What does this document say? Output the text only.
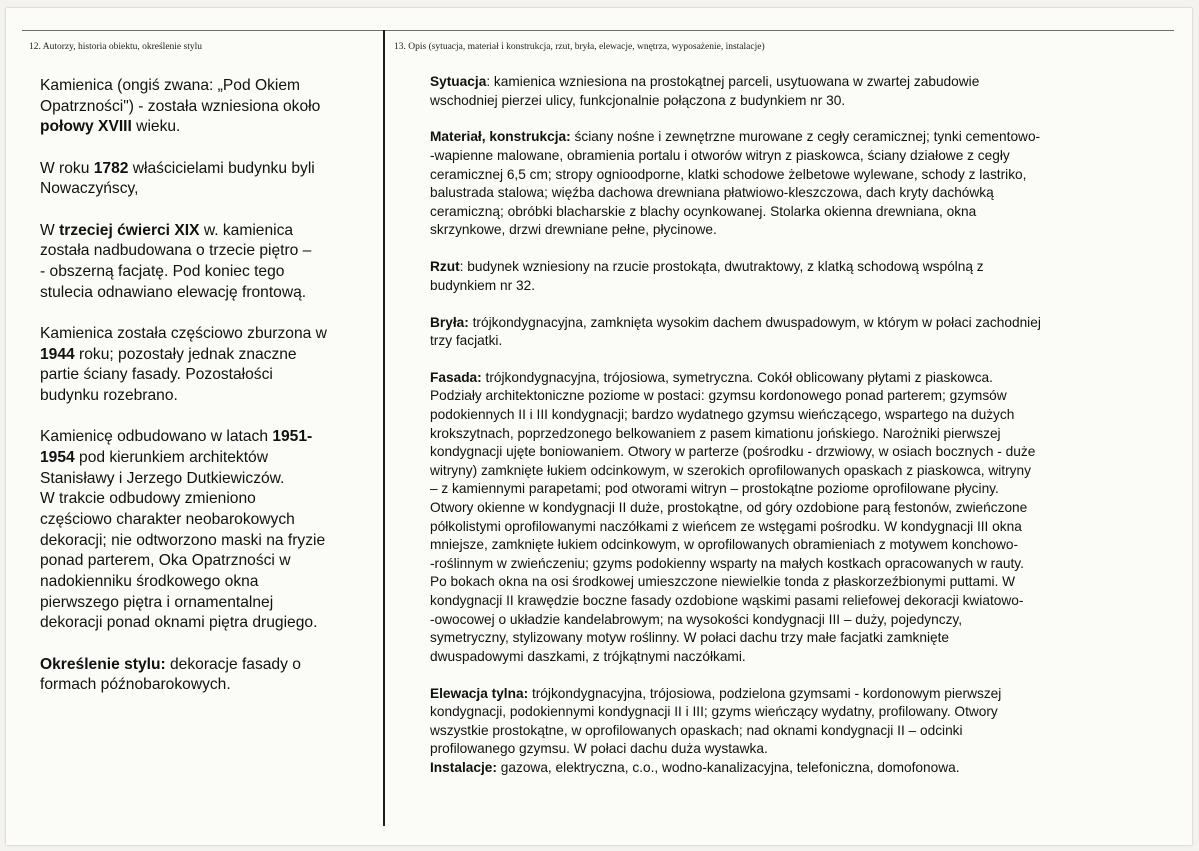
12. Autorzy, historia obiektu, określenie stylu	13. Opis (sytuacja, materiał i konstrukcja, rzut, bryła, elewacje, wnętrza, wyposażenie, instalacje)

Kamienica (ongiś zwana: „Pod Okiem
Opatrzności") - została wzniesiona około
połowy XVIII wieku.

W roku 1782 właścicielami budynku byli
Nowaczyńscy,

W trzeciej ćwierci XIX w. kamienica
została nadbudowana o trzecie piętro –
- obszerną facjatę. Pod koniec tego
stulecia odnawiano elewację frontową.

Kamienica została częściowo zburzona w
1944 roku; pozostały jednak znaczne
partie ściany fasady. Pozostałości
budynku rozebrano.

Kamienicę odbudowano w latach 1951-
1954 pod kierunkiem architektów
Stanisławy i Jerzego Dutkiewiczów.
W trakcie odbudowy zmieniono
częściowo charakter neobarokowych
dekoracji; nie odtworzono maski na fryzie
ponad parterem, Oka Opatrzności w
nadokienniku środkowego okna
pierwszego piętra i ornamentalnej
dekoracji ponad oknami piętra drugiego.

Określenie stylu: dekoracje fasady o
formach późnobarokowych.

Sytuacja: kamienica wzniesiona na prostokątnej parceli, usytuowana w zwartej zabudowie
wschodniej pierzei ulicy, funkcjonalnie połączona z budynkiem nr 30.

Materiał, konstrukcja: ściany nośne i zewnętrzne murowane z cegły ceramicznej; tynki cementowo-
-wapienne malowane, obramienia portalu i otworów witryn z piaskowca, ściany działowe z cegły
ceramicznej 6,5 cm; stropy ognioodporne, klatki schodowe żelbetowe wylewane, schody z lastriko,
balustrada stalowa; więźba dachowa drewniana płatwiowo-kleszczowa, dach kryty dachówką
ceramiczną; obróbki blacharskie z blachy ocynkowanej. Stolarka okienna drewniana, okna
skrzynkowe, drzwi drewniane pełne, płycinowe.

Rzut: budynek wzniesiony na rzucie prostokąta, dwutraktowy, z klatką schodową wspólną z
budynkiem nr 32.

Bryła: trójkondygnacyjna, zamknięta wysokim dachem dwuspadowym, w którym w połaci zachodniej
trzy facjatki.

Fasada: trójkondygnacyjna, trójosiowa, symetryczna. Cokół oblicowany płytami z piaskowca.
Podziały architektoniczne poziome w postaci: gzymsu kordonowego ponad parterem; gzymsów
podokiennych II i III kondygnacji; bardzo wydatnego gzymsu wieńczącego, wspartego na dużych
krokszytnach, poprzedzonego belkowaniem z pasem kimationu jońskiego. Narożniki pierwszej
kondygnacji ujęte boniowaniem. Otwory w parterze (pośrodku - drzwiowy, w osiach bocznych - duże
witryny) zamknięte łukiem odcinkowym, w szerokich oprofilowanych opaskach z piaskowca, witryny
– z kamiennymi parapetami; pod otworami witryn – prostokątne poziome oprofilowane płyciny.
Otwory okienne w kondygnacji II duże, prostokątne, od góry ozdobione parą festonów, zwieńczone
półkolistymi oprofilowanymi naczółkami z wieńcem ze wstęgami pośrodku. W kondygnacji III okna
mniejsze, zamknięte łukiem odcinkowym, w oprofilowanych obramieniach z motywem konchowo-
-roślinnym w zwieńczeniu; gzyms podokienny wsparty na małych kostkach opracowanych w rauty.
Po bokach okna na osi środkowej umieszczone niewielkie tonda z płaskorzeźbionymi puttami. W
kondygnacji II krawędzie boczne fasady ozdobione wąskimi pasami reliefowej dekoracji kwiatowo-
-owocowej o układzie kandelabrowym; na wysokości kondygnacji III – duży, pojedynczy,
symetryczny, stylizowany motyw roślinny. W połaci dachu trzy małe facjatki zamknięte
dwuspadowymi daszkami, z trójkątnymi naczółkami.

Elewacja tylna: trójkondygnacyjna, trójosiowa, podzielona gzymsami - kordonowym pierwszej
kondygnacji, podokiennymi kondygnacji II i III; gzyms wieńczący wydatny, profilowany. Otwory
wszystkie prostokątne, w oprofilowanych opaskach; nad oknami kondygnacji II – odcinki
profilowanego gzymsu. W połaci dachu duża wystawka.

Instalacje: gazowa, elektryczna, c.o., wodno-kanalizacyjna, telefoniczna, domofonowa.
